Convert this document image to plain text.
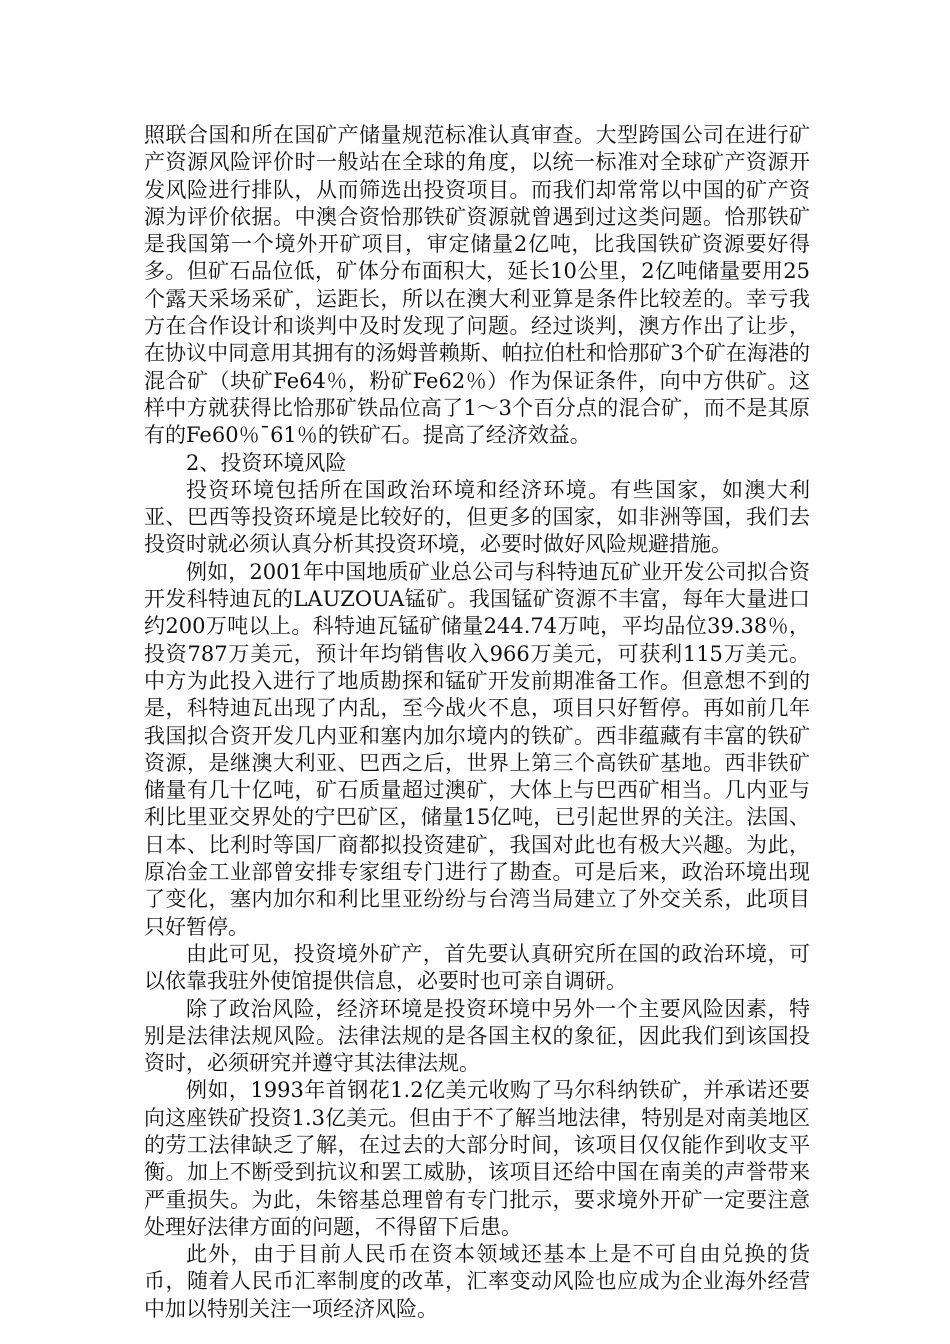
照联合国和所在国矿产储量规范标准认真审查。大型跨国公司在进行矿产资源风险评价时一般站在全球的角度，以统一标准对全球矿产资源开发风险进行排队，从而筛选出投资项目。而我们却常常以中国的矿产资源为评价依据。中澳合资恰那铁矿资源就曾遇到过这类问题。恰那铁矿是我国第一个境外开矿项目，审定储量2亿吨，比我国铁矿资源要好得多。但矿石品位低，矿体分布面积大，延长10公里，2亿吨储量要用25个露天采场采矿，运距长，所以在澳大利亚算是条件比较差的。幸亏我方在合作设计和谈判中及时发现了问题。经过谈判，澳方作出了让步，在协议中同意用其拥有的汤姆普赖斯、帕拉伯杜和恰那矿3个矿在海港的混合矿（块矿Fe64％，粉矿Fe62％）作为保证条件，向中方供矿。这样中方就获得比恰那矿铁品位高了1～3个百分点的混合矿，而不是其原有的Fe60％¯61％的铁矿石。提高了经济效益。

2、投资环境风险

投资环境包括所在国政治环境和经济环境。有些国家，如澳大利亚、巴西等投资环境是比较好的，但更多的国家，如非洲等国，我们去投资时就必须认真分析其投资环境，必要时做好风险规避措施。

例如，2001年中国地质矿业总公司与科特迪瓦矿业开发公司拟合资开发科特迪瓦的LAUZOUA锰矿。我国锰矿资源不丰富，每年大量进口约200万吨以上。科特迪瓦锰矿储量244.74万吨，平均品位39.38％，投资787万美元，预计年均销售收入966万美元，可获利115万美元。中方为此投入进行了地质勘探和锰矿开发前期准备工作。但意想不到的是，科特迪瓦出现了内乱，至今战火不息，项目只好暂停。再如前几年我国拟合资开发几内亚和塞内加尔境内的铁矿。西非蕴藏有丰富的铁矿资源，是继澳大利亚、巴西之后，世界上第三个高铁矿基地。西非铁矿储量有几十亿吨，矿石质量超过澳矿，大体上与巴西矿相当。几内亚与利比里亚交界处的宁巴矿区，储量15亿吨，已引起世界的关注。法国、日本、比利时等国厂商都拟投资建矿，我国对此也有极大兴趣。为此，原冶金工业部曾安排专家组专门进行了勘查。可是后来，政治环境出现了变化，塞内加尔和利比里亚纷纷与台湾当局建立了外交关系，此项目只好暂停。

由此可见，投资境外矿产，首先要认真研究所在国的政治环境，可以依靠我驻外使馆提供信息，必要时也可亲自调研。

除了政治风险，经济环境是投资环境中另外一个主要风险因素，特别是法律法规风险。法律法规的是各国主权的象征，因此我们到该国投资时，必须研究并遵守其法律法规。

例如，1993年首钢花1.2亿美元收购了马尔科纳铁矿，并承诺还要向这座铁矿投资1.3亿美元。但由于不了解当地法律，特别是对南美地区的劳工法律缺乏了解，在过去的大部分时间，该项目仅仅能作到收支平衡。加上不断受到抗议和罢工威胁，该项目还给中国在南美的声誉带来严重损失。为此，朱镕基总理曾有专门批示，要求境外开矿一定要注意处理好法律方面的问题，不得留下后患。

此外，由于目前人民币在资本领域还基本上是不可自由兑换的货币，随着人民币汇率制度的改革，汇率变动风险也应成为企业海外经营中加以特别关注一项经济风险。
